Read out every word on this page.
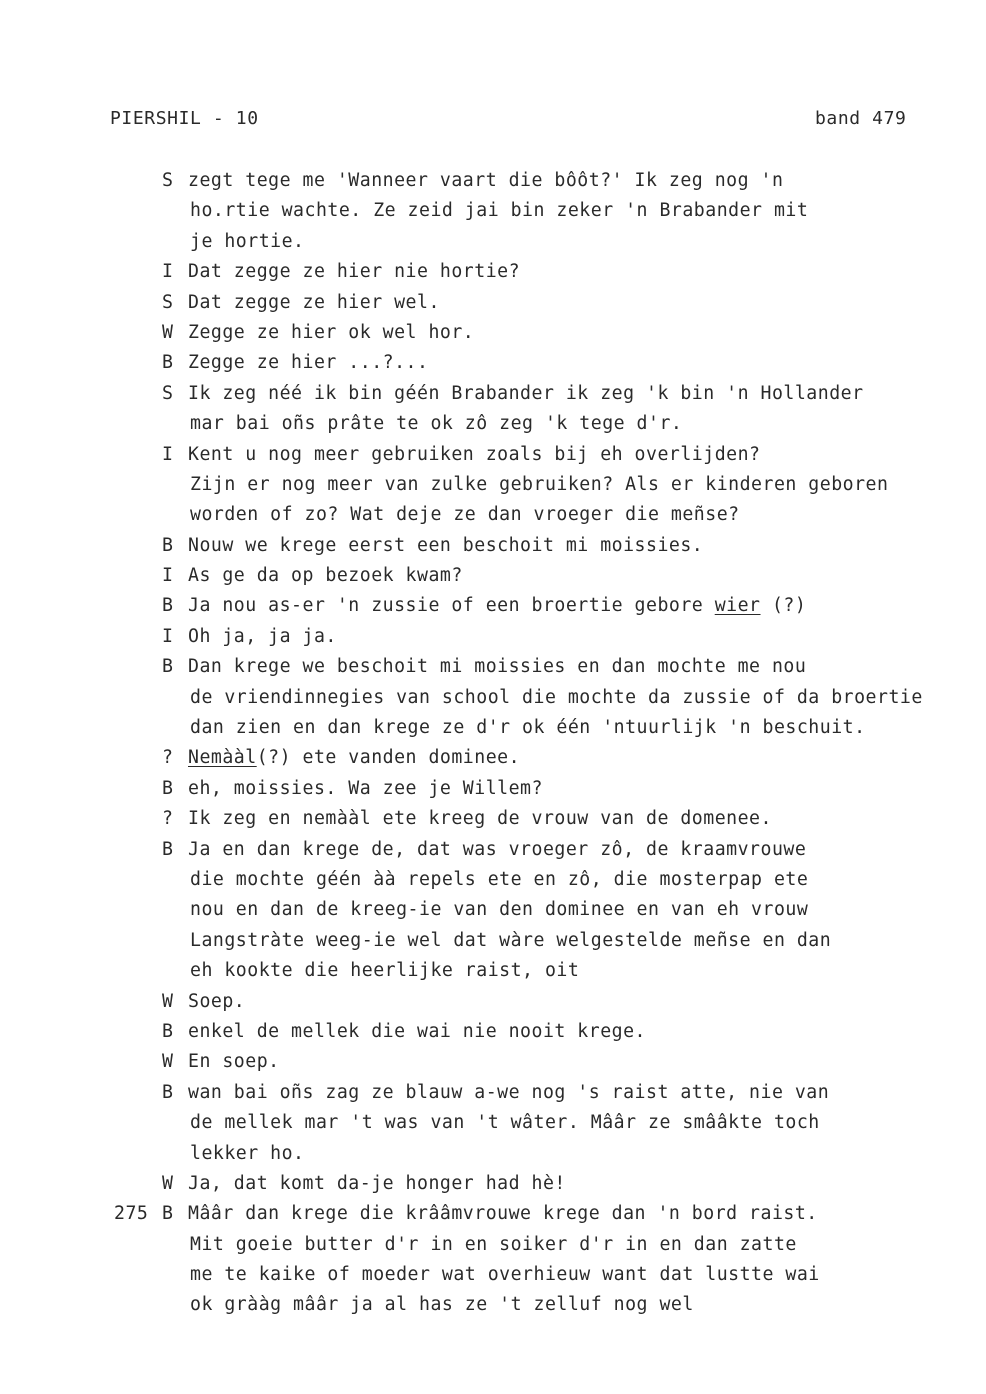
PIERSHIL - 10	band 479
S zegt tege me 'Wanneer vaart die bôôt?' Ik zeg nog 'n
ho.rtie wachte. Ze zeid jai bin zeker 'n Brabander mit
je hortie.
I Dat zegge ze hier nie hortie?
S Dat zegge ze hier wel.
W Zegge ze hier ok wel hor.
B Zegge ze hier ...?...
S Ik zeg néé ik bin géén Brabander ik zeg 'k bin 'n Hollander
mar bai oñs prâte te ok zô zeg 'k tege d'r.
I Kent u nog meer gebruiken zoals bij eh overlijden?
Zijn er nog meer van zulke gebruiken? Als er kinderen geboren
worden of zo? Wat deje ze dan vroeger die meñse?
B Nouw we krege eerst een beschoit mi moissies.
I As ge da op bezoek kwam?
B Ja nou as-er 'n zussie of een broertie gebore wier (?)
I Oh ja, ja ja.
B Dan krege we beschoit mi moissies en dan mochte me nou
de vriendinnegies van school die mochte da zussie of da broertie
dan zien en dan krege ze d'r ok één 'ntuurlijk 'n beschuit.
? Nemààl(?) ete vanden dominee.
B eh, moissies. Wa zee je Willem?
? Ik zeg en nemààl ete kreeg de vrouw van de domenee.
B Ja en dan krege de, dat was vroeger zô, de kraamvrouwe
die mochte géén àà repels ete en zô, die mosterpap ete
nou en dan de kreeg-ie van den dominee en van eh vrouw
Langstràte weeg-ie wel dat wàre welgestelde meñse en dan
eh kookte die heerlijke raist, oit
W Soep.
B enkel de mellek die wai nie nooit krege.
W En soep.
B wan bai oñs zag ze blauw a-we nog 's raist atte, nie van
de mellek mar 't was van 't wâter. Mââr ze smââkte toch
lekker ho.
W Ja, dat komt da-je honger had hè!
275 B Mââr dan krege die krââmvrouwe krege dan 'n bord raist.
Mit goeie butter d'r in en soiker d'r in en dan zatte
me te kaike of moeder wat overhieuw want dat lustte wai
ok grààg mââr ja al has ze 't zelluf nog wel
